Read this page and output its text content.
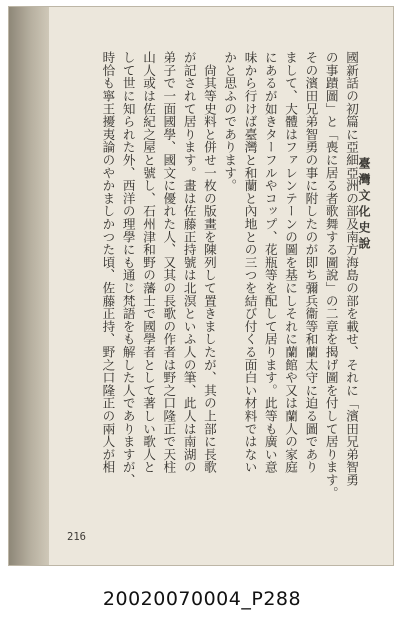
臺灣文化史說
國新話の初篇に亞細亞洲の部及南方海島の部を載せ、それに「濱田兄弟智勇
の事蹟圖」と「喪に居る者歌舞する圖說」の二章を揭げ圖を付して居ります。
その濱田兄弟智勇の事に附したのが即ち彌兵衞等和蘭太守に迫る圖であり
まして、大體はファレンテーンの圖を基にしそれに蘭館や又は蘭人の家庭
にあるが如きターフルやコップ、花瓶等を配して居ります。此等も廣い意
味から行けば臺灣と和蘭と內地との三つを結び付くる面白い材料ではない
かと思ふのであります。
　尙其等史料と併せ一枚の版畫を陳列して置きましたが、其の上部に長歌
が記されて居ります。畫は佐藤正持號は北溟といふ人の筆、此人は南湖の
弟子で一面國學、國文に優れた人、又其の長歌の作者は野之口隆正で天柱
山人或は佐紀之屋と號し、石州津和野の藩士で國學者として著しい歌人と
して世に知られた外、西洋の理學にも通じ梵語をも解した人でありますが、
時恰も寧王擾夷論のやかましかつた頃、佐藤正持、野之口隆正の兩人が相
216
20020070004_P288
